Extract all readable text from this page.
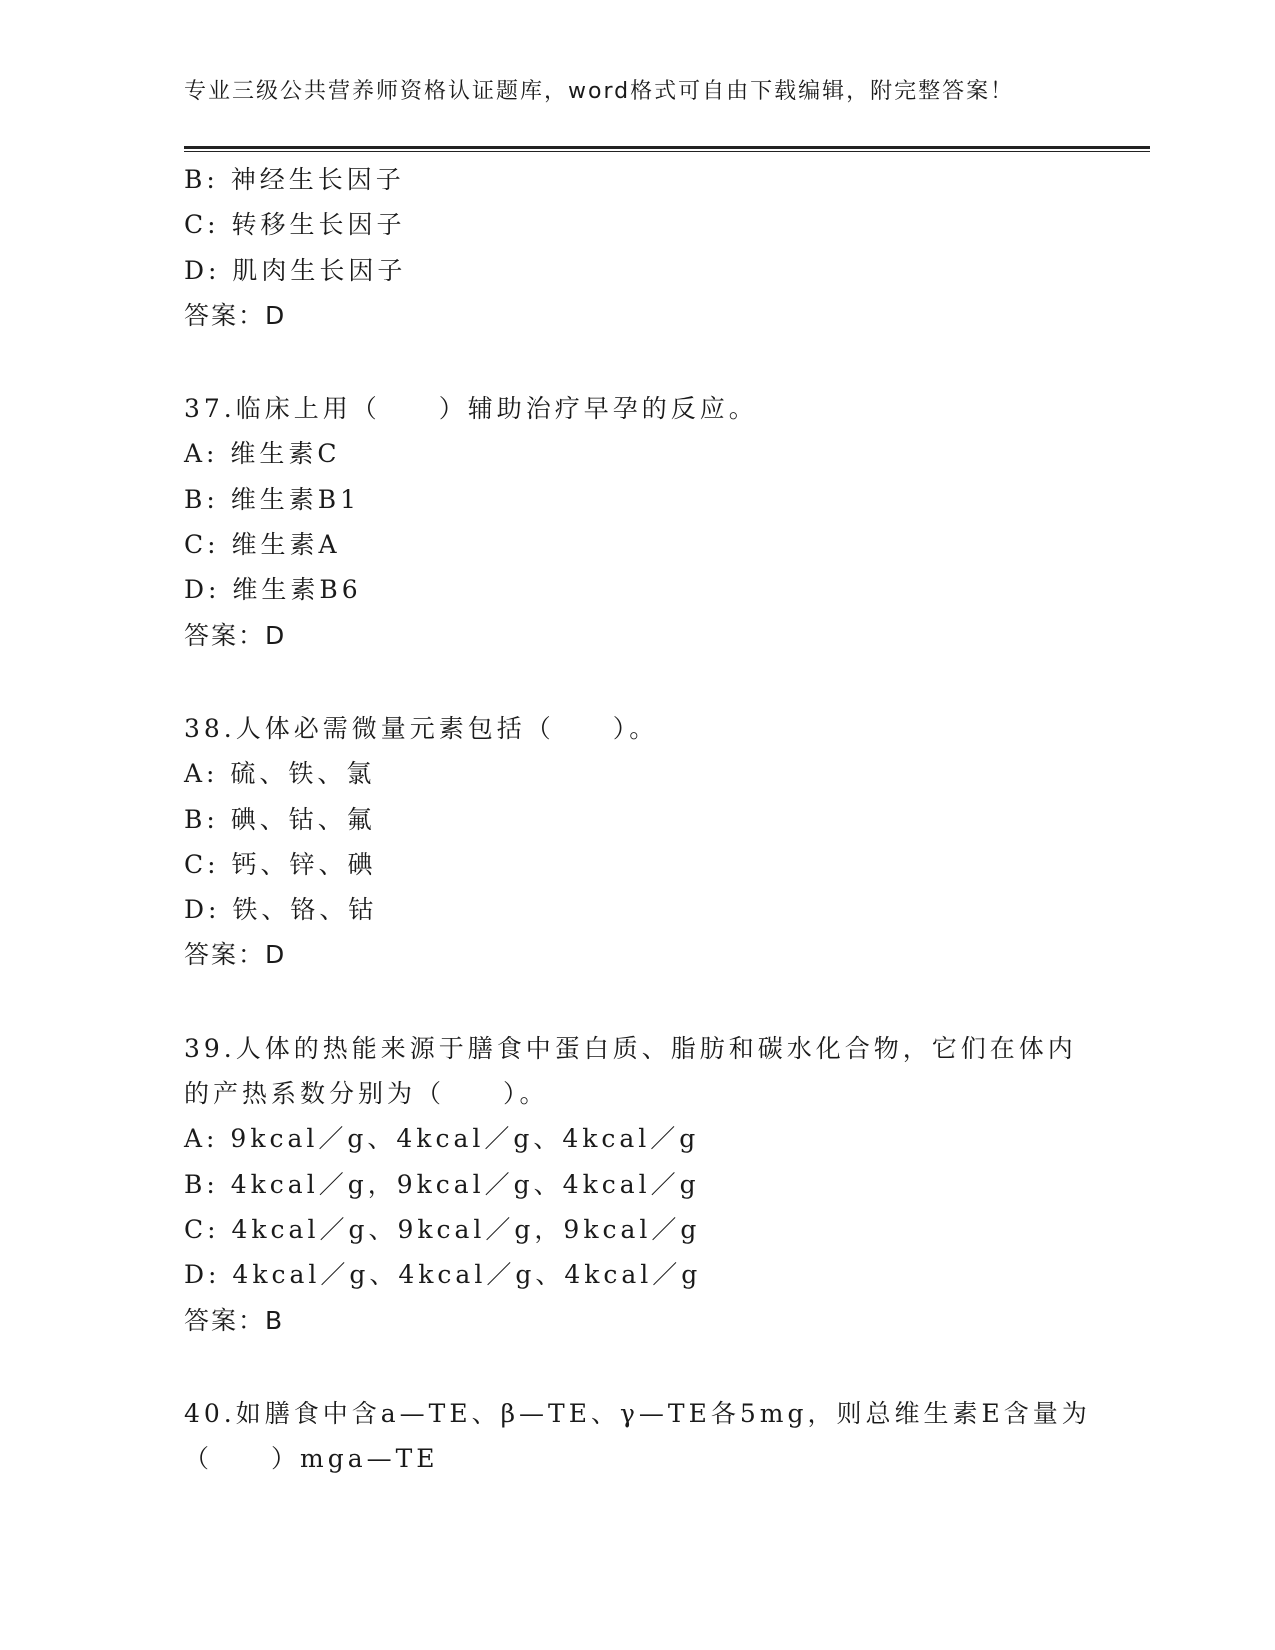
专业三级公共营养师资格认证题库，word格式可自由下载编辑，附完整答案！
B: 神经生长因子
C: 转移生长因子
D: 肌肉生长因子
答案：D
37.临床上用（　　）辅助治疗早孕的反应。
A: 维生素C
B: 维生素B1
C: 维生素A
D: 维生素B6
答案：D
38.人体必需微量元素包括（　　）。
A: 硫、铁、氯
B: 碘、钴、氟
C: 钙、锌、碘
D: 铁、铬、钴
答案：D
39.人体的热能来源于膳食中蛋白质、脂肪和碳水化合物，它们在体内
的产热系数分别为（　　）。
A: 9kcal／g、4kcal／g、4kcal／g
B: 4kcal／g，9kcal／g、4kcal／g
C: 4kcal／g、9kcal／g，9kcal／g
D: 4kcal／g、4kcal／g、4kcal／g
答案：B
40.如膳食中含a—TE、β—TE、γ—TE各5mg，则总维生素E含量为
（　　）mga—TE
